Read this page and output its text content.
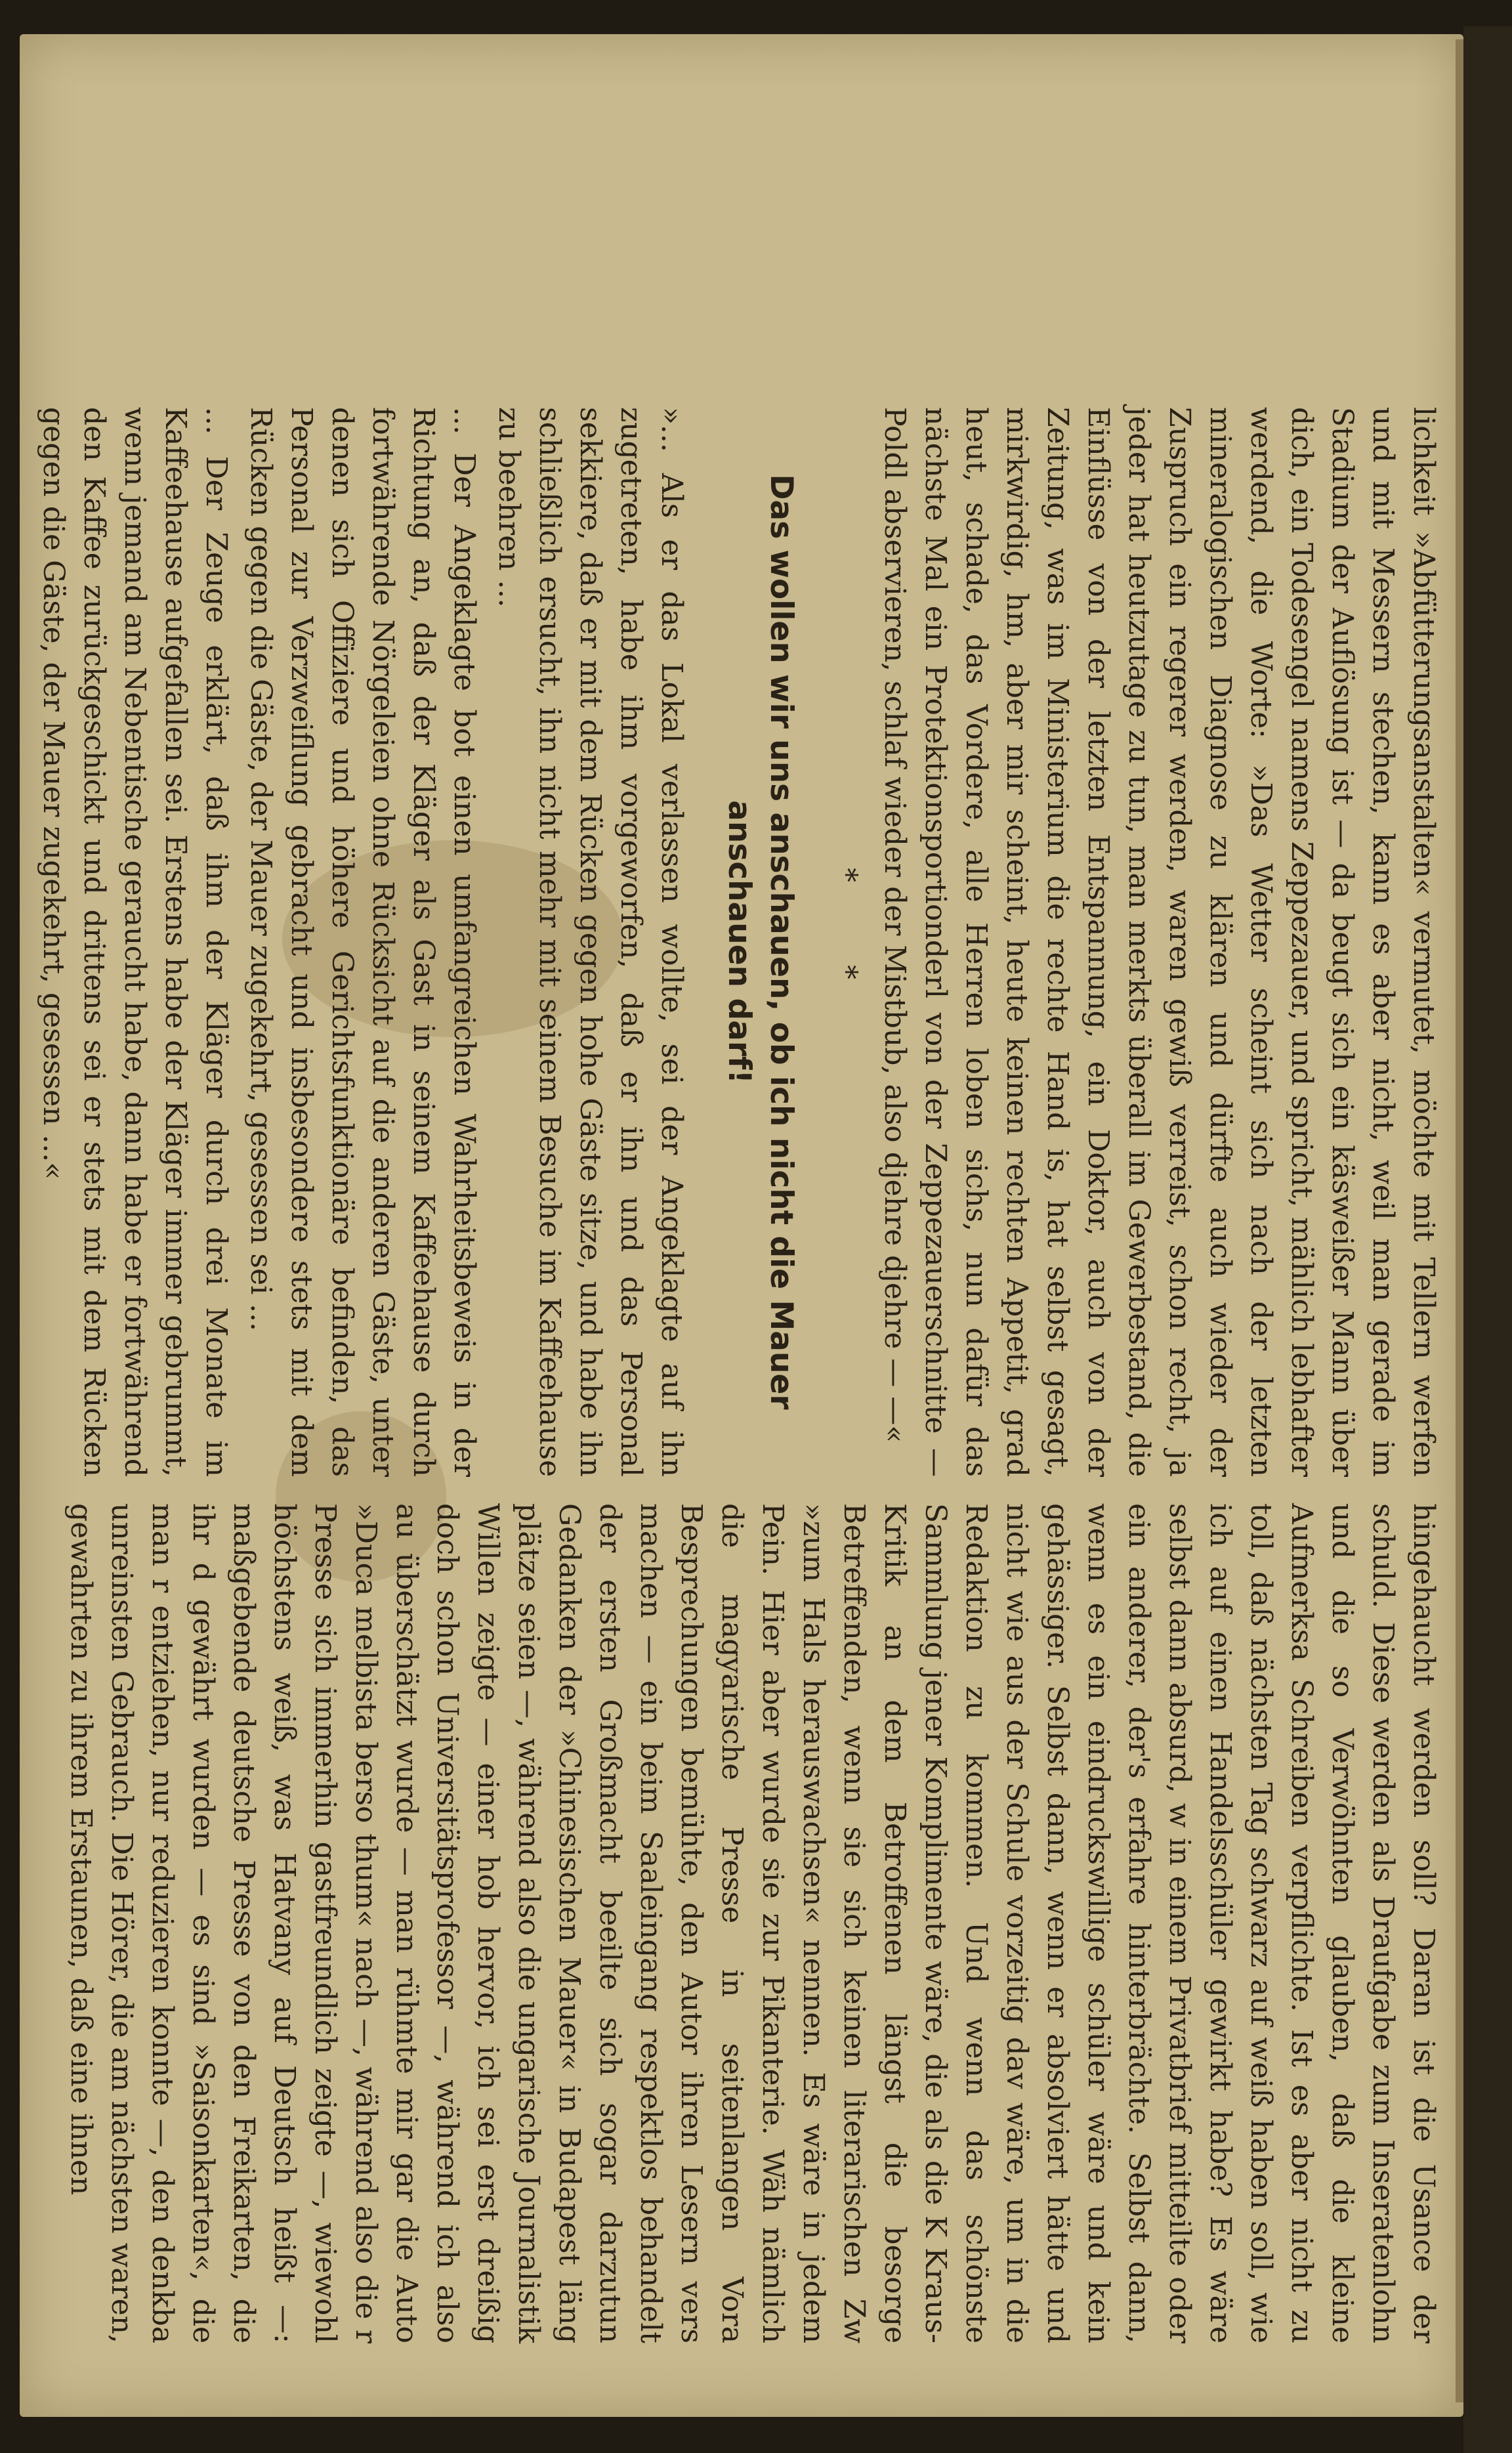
lichkeit »Abfütterungsanstalten« vermutet, möchte mit Tellern werfen und mit Messern stechen, kann es aber nicht, weil man gerade im Stadium der Auflösung ist — da beugt sich ein käsweißer Mann über dich, ein Todesengel namens Zeppezauer, und spricht, mählich lebhafter werdend, die Worte: »Das Wetter scheint sich nach der letzten mineralogischen Diagnose zu klären und dürfte auch wieder der Zuspruch ein regerer werden, waren gewiß verreist, schon recht, ja jeder hat heutzutage zu tun, man merkts überall im Gewerbestand, die Einflüsse von der letzten Entspannung, ein Doktor, auch von der Zeitung, was im Ministerium die rechte Hand is, hat selbst gesagt, mirkwirdig, hm, aber mir scheint, heute keinen rechten Appetit, grad heut, schade, das Vordere, alle Herren loben sichs, nun dafür das nächste Mal ein Protektionsportionderl von der Zeppezauerschnitte — Poldl abservieren, schlaf wieder der Mistbub, also djehre djehre — —«

* *

Das wollen wir uns anschauen, ob ich nicht die Mauer anschauen darf!

»... Als er das Lokal verlassen wollte, sei der Angeklagte auf ihn zugetreten, habe ihm vorgeworfen, daß er ihn und das Personal sekkiere, daß er mit dem Rücken gegen hohe Gäste sitze, und habe ihn schließlich ersucht, ihn nicht mehr mit seinem Besuche im Kaffeehause zu beehren ...

... Der Angeklagte bot einen umfangreichen Wahrheitsbeweis in der Richtung an, daß der Kläger als Gast in seinem Kaffeehause durch fortwährende Nörgeleien ohne Rücksicht auf die anderen Gäste, unter denen sich Offiziere und höhere Gerichtsfunktionäre befinden, das Personal zur Verzweiflung gebracht und insbesondere stets mit dem Rücken gegen die Gäste, der Mauer zugekehrt, gesessen sei ...

... Der Zeuge erklärt, daß ihm der Kläger durch drei Monate im Kaffeehause aufgefallen sei. Erstens habe der Kläger immer gebrummt, wenn jemand am Nebentische geraucht habe, dann habe er fortwährend den Kaffee zurückgeschickt und drittens sei er stets mit dem Rücken gegen die Gäste, der Mauer zugekehrt, gesessen ...«

hingehaucht werden soll? Daran ist die Usance der schuld. Diese werden als Draufgabe zum Inseratenlohn und die so Verwöhnten glauben, daß die kleine Aufmerksa Schreiben verpflichte. Ist es aber nicht zu toll, daß nächsten Tag schwarz auf weiß haben soll, wie ich auf einen Handelsschüler gewirkt habe? Es wäre selbst dann absurd, w in einem Privatbrief mitteilte oder ein anderer, der's erfahre hinterbrächte. Selbst dann, wenn es ein eindruckswillige schüler wäre und kein gehässiger. Selbst dann, wenn er absolviert hätte und nicht wie aus der Schule vorzeitig dav wäre, um in die Redaktion zu kommen. Und wenn das schönste Sammlung jener Komplimente wäre, die als die K Kraus-Kritik an dem Betroffenen längst die besorge Betreffenden, wenn sie sich keinen literarischen Zw »zum Hals herauswachsen« nennen. Es wäre in jedem Pein. Hier aber wurde sie zur Pikanterie. Wäh nämlich die magyarische Presse in seitenlangen Vora Besprechungen bemühte, den Autor ihren Lesern vers machen — ein beim Saaleingang respektlos behandelt der ersten Großmacht beeilte sich sogar darzutun Gedanken der »Chinesischen Mauer« in Budapest läng plätze seien —, während also die ungarische Journalistik Willen zeigte — einer hob hervor, ich sei erst dreißig doch schon Universitätsprofessor —, während ich also au überschätzt wurde — man rühmte mir gar die Auto »Duca melbista berso thum« nach —, während also die r Presse sich immerhin gastfreundlich zeigte —, wiewohl höchstens weiß, was Hatvany auf Deutsch heißt —: maßgebende deutsche Presse von den Freikarten, die ihr d gewährt wurden — es sind »Saisonkarten«, die man r entziehen, nur reduzieren konnte —, den denkba unreinsten Gebrauch. Die Hörer, die am nächsten waren, gewahrten zu ihrem Erstaunen, daß eine ihnen
